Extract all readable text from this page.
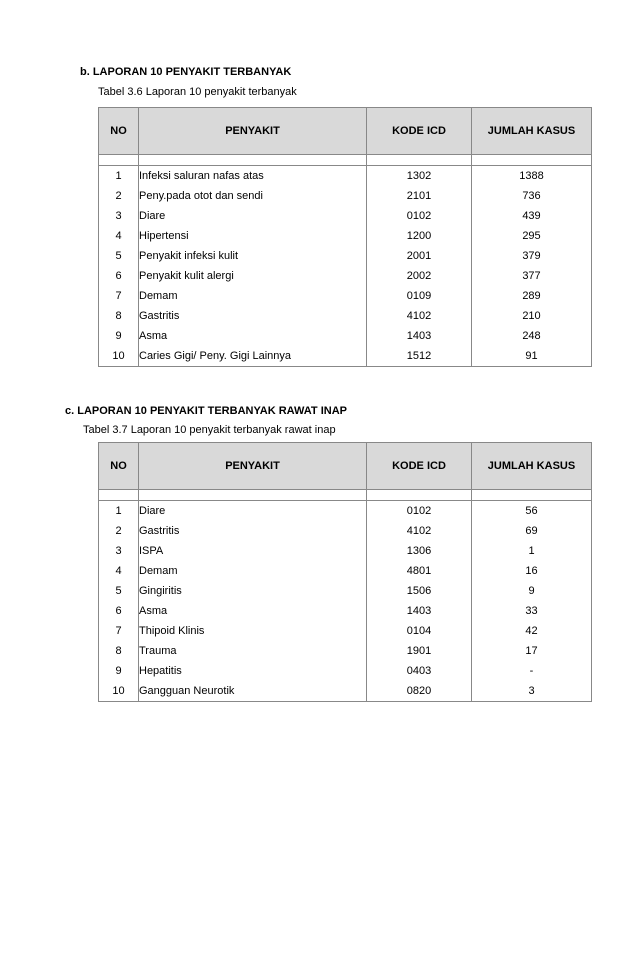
b. LAPORAN 10 PENYAKIT TERBANYAK
Tabel 3.6 Laporan 10 penyakit terbanyak
NO	PENYAKIT	KODE ICD	JUMLAH KASUS

1	Infeksi saluran nafas atas	1302	1388
2	Peny.pada otot dan sendi	2101	736
3	Diare	0102	439
4	Hipertensi	1200	295
5	Penyakit infeksi kulit	2001	379
6	Penyakit kulit alergi	2002	377
7	Demam	0109	289
8	Gastritis	4102	210
9	Asma	1403	248
10	Caries Gigi/ Peny. Gigi Lainnya	1512	91
c. LAPORAN 10 PENYAKIT TERBANYAK RAWAT INAP
Tabel 3.7 Laporan 10 penyakit terbanyak rawat inap
NO	PENYAKIT	KODE ICD	JUMLAH KASUS

1	Diare	0102	56
2	Gastritis	4102	69
3	ISPA	1306	1
4	Demam	4801	16
5	Gingiritis	1506	9
6	Asma	1403	33
7	Thipoid Klinis	0104	42
8	Trauma	1901	17
9	Hepatitis	0403	-
10	Gangguan Neurotik	0820	3
